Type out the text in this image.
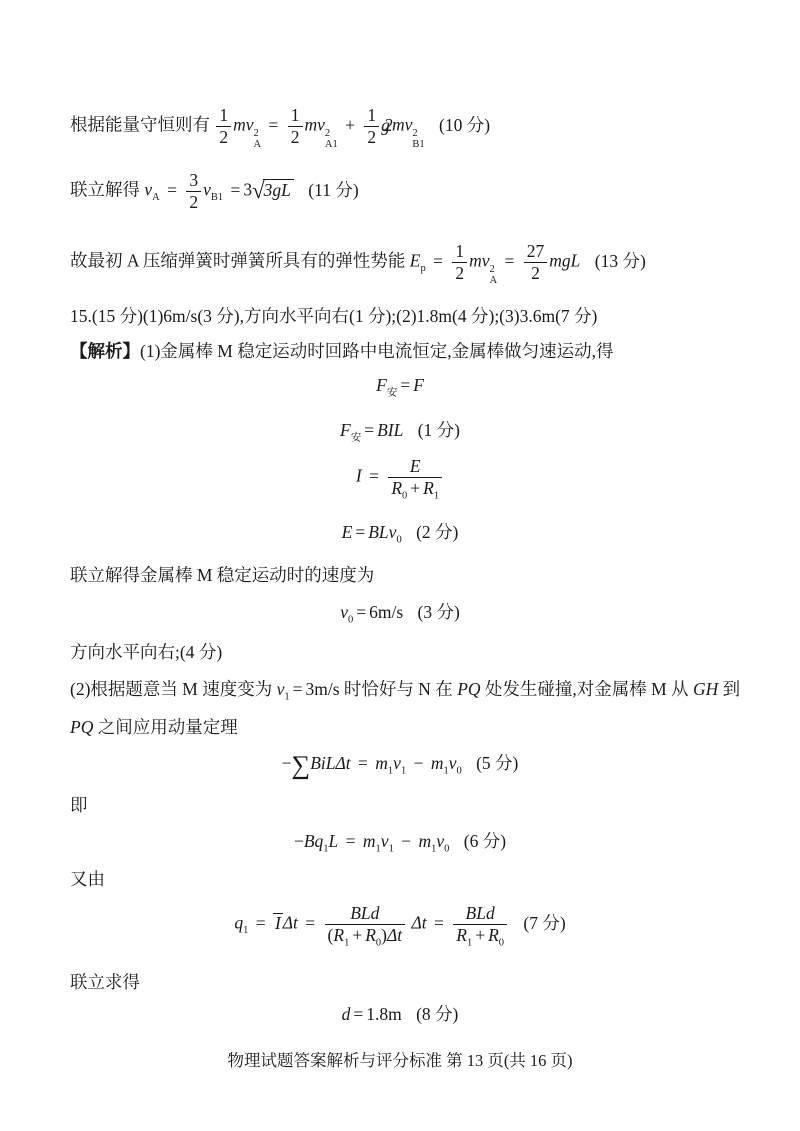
根据能量守恒则有 $\frac{1}{2}$ mv 2
A
= $\frac{1}{2}$ mv 2
A1
+ $\frac{1}{2} g2$ mv 2
B1
(10 分)
联立解得 $v_A = \frac{3}{2} v_{B1} = 3√3gL$ (11 分)
故最初 A 压缩弹簧时弹簧所具有的弹性势能 $E_p = \frac{1}{2}$ mv 2
A
= $\frac{27}{2}$ mgL (13 分)
15.(15 分)(1)6m/s(3 分),方向水平向右(1 分);(2)1.8m(4 分);(3)3.6m(7 分)
【解析】(1)金属棒 M 稳定运动时回路中电流恒定,金属棒做匀速运动,得
$F_安 = F$
$F_安$ = BIL (1 分)
$I = \frac{E}{R_0 + R_1}$
E = BLv$_0$ (2 分)
联立解得金属棒 M 稳定运动时的速度为
$v_0 = 6m/s$ (3 分)
方向水平向右;(4 分)
(2)根据题意当 M 速度变为 $v_1 = 3m/s$ 时恰好与 N 在 PQ 处发生碰撞,对金属棒 M 从 GH 到
PQ 之间应用动量定理
$-\sum BiL\Delta t = m_1v_1 - m_1v_0$ (5 分)
即
$-Bq_1L = m_1v_1 - m_1v_0$ (6 分)
又由
$q_1 = I$ $\Delta t = \frac{\text{BLd}}{(R_1 + R_0)\Delta t}$ $\Delta t = \frac{\text{BLd}}{R_1 + R_0} (7$ 分)
联立求得
d = 1.8m (8 分)
物理试题答案解析与评分标准 第 13 页(共 16 页)
